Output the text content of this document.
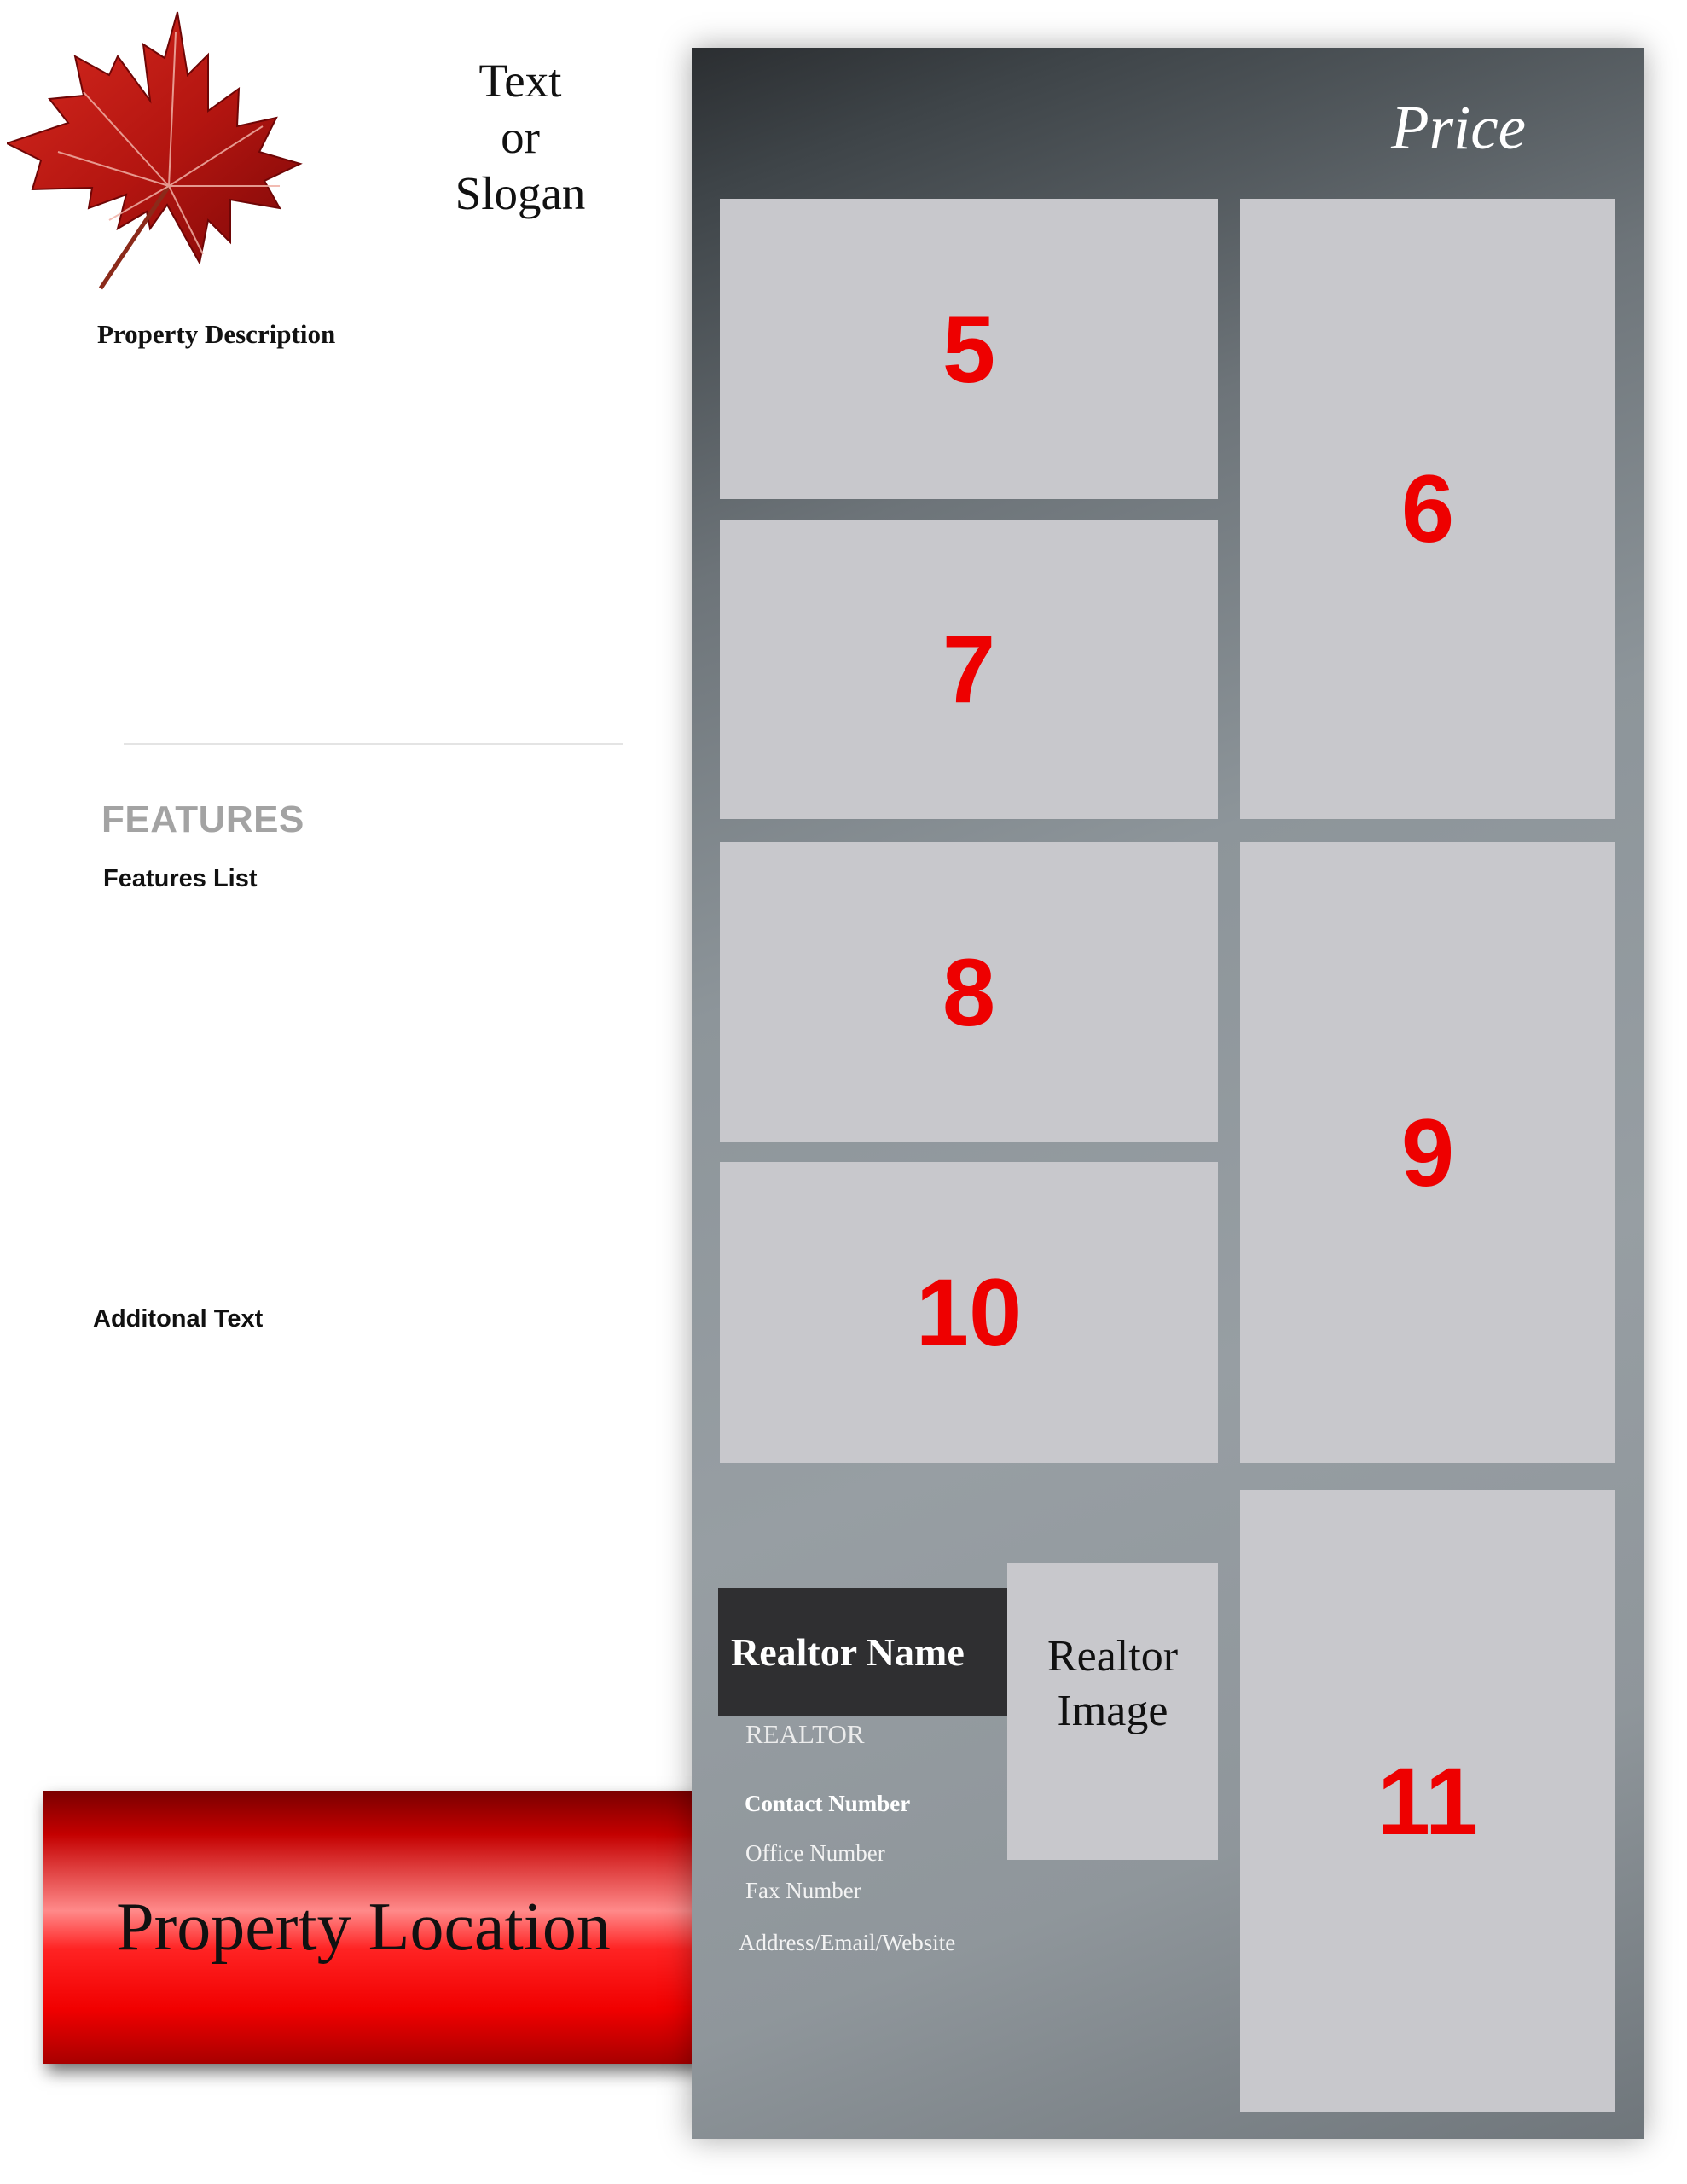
Text
or
Slogan
Property Description
FEATURES
Features List
Additonal Text
Property Location
Price
5
7
6
8
10
9
11
Realtor Name	Realtor
Image
REALTOR
Contact Number
Office Number
Fax Number
Address/Email/Website
